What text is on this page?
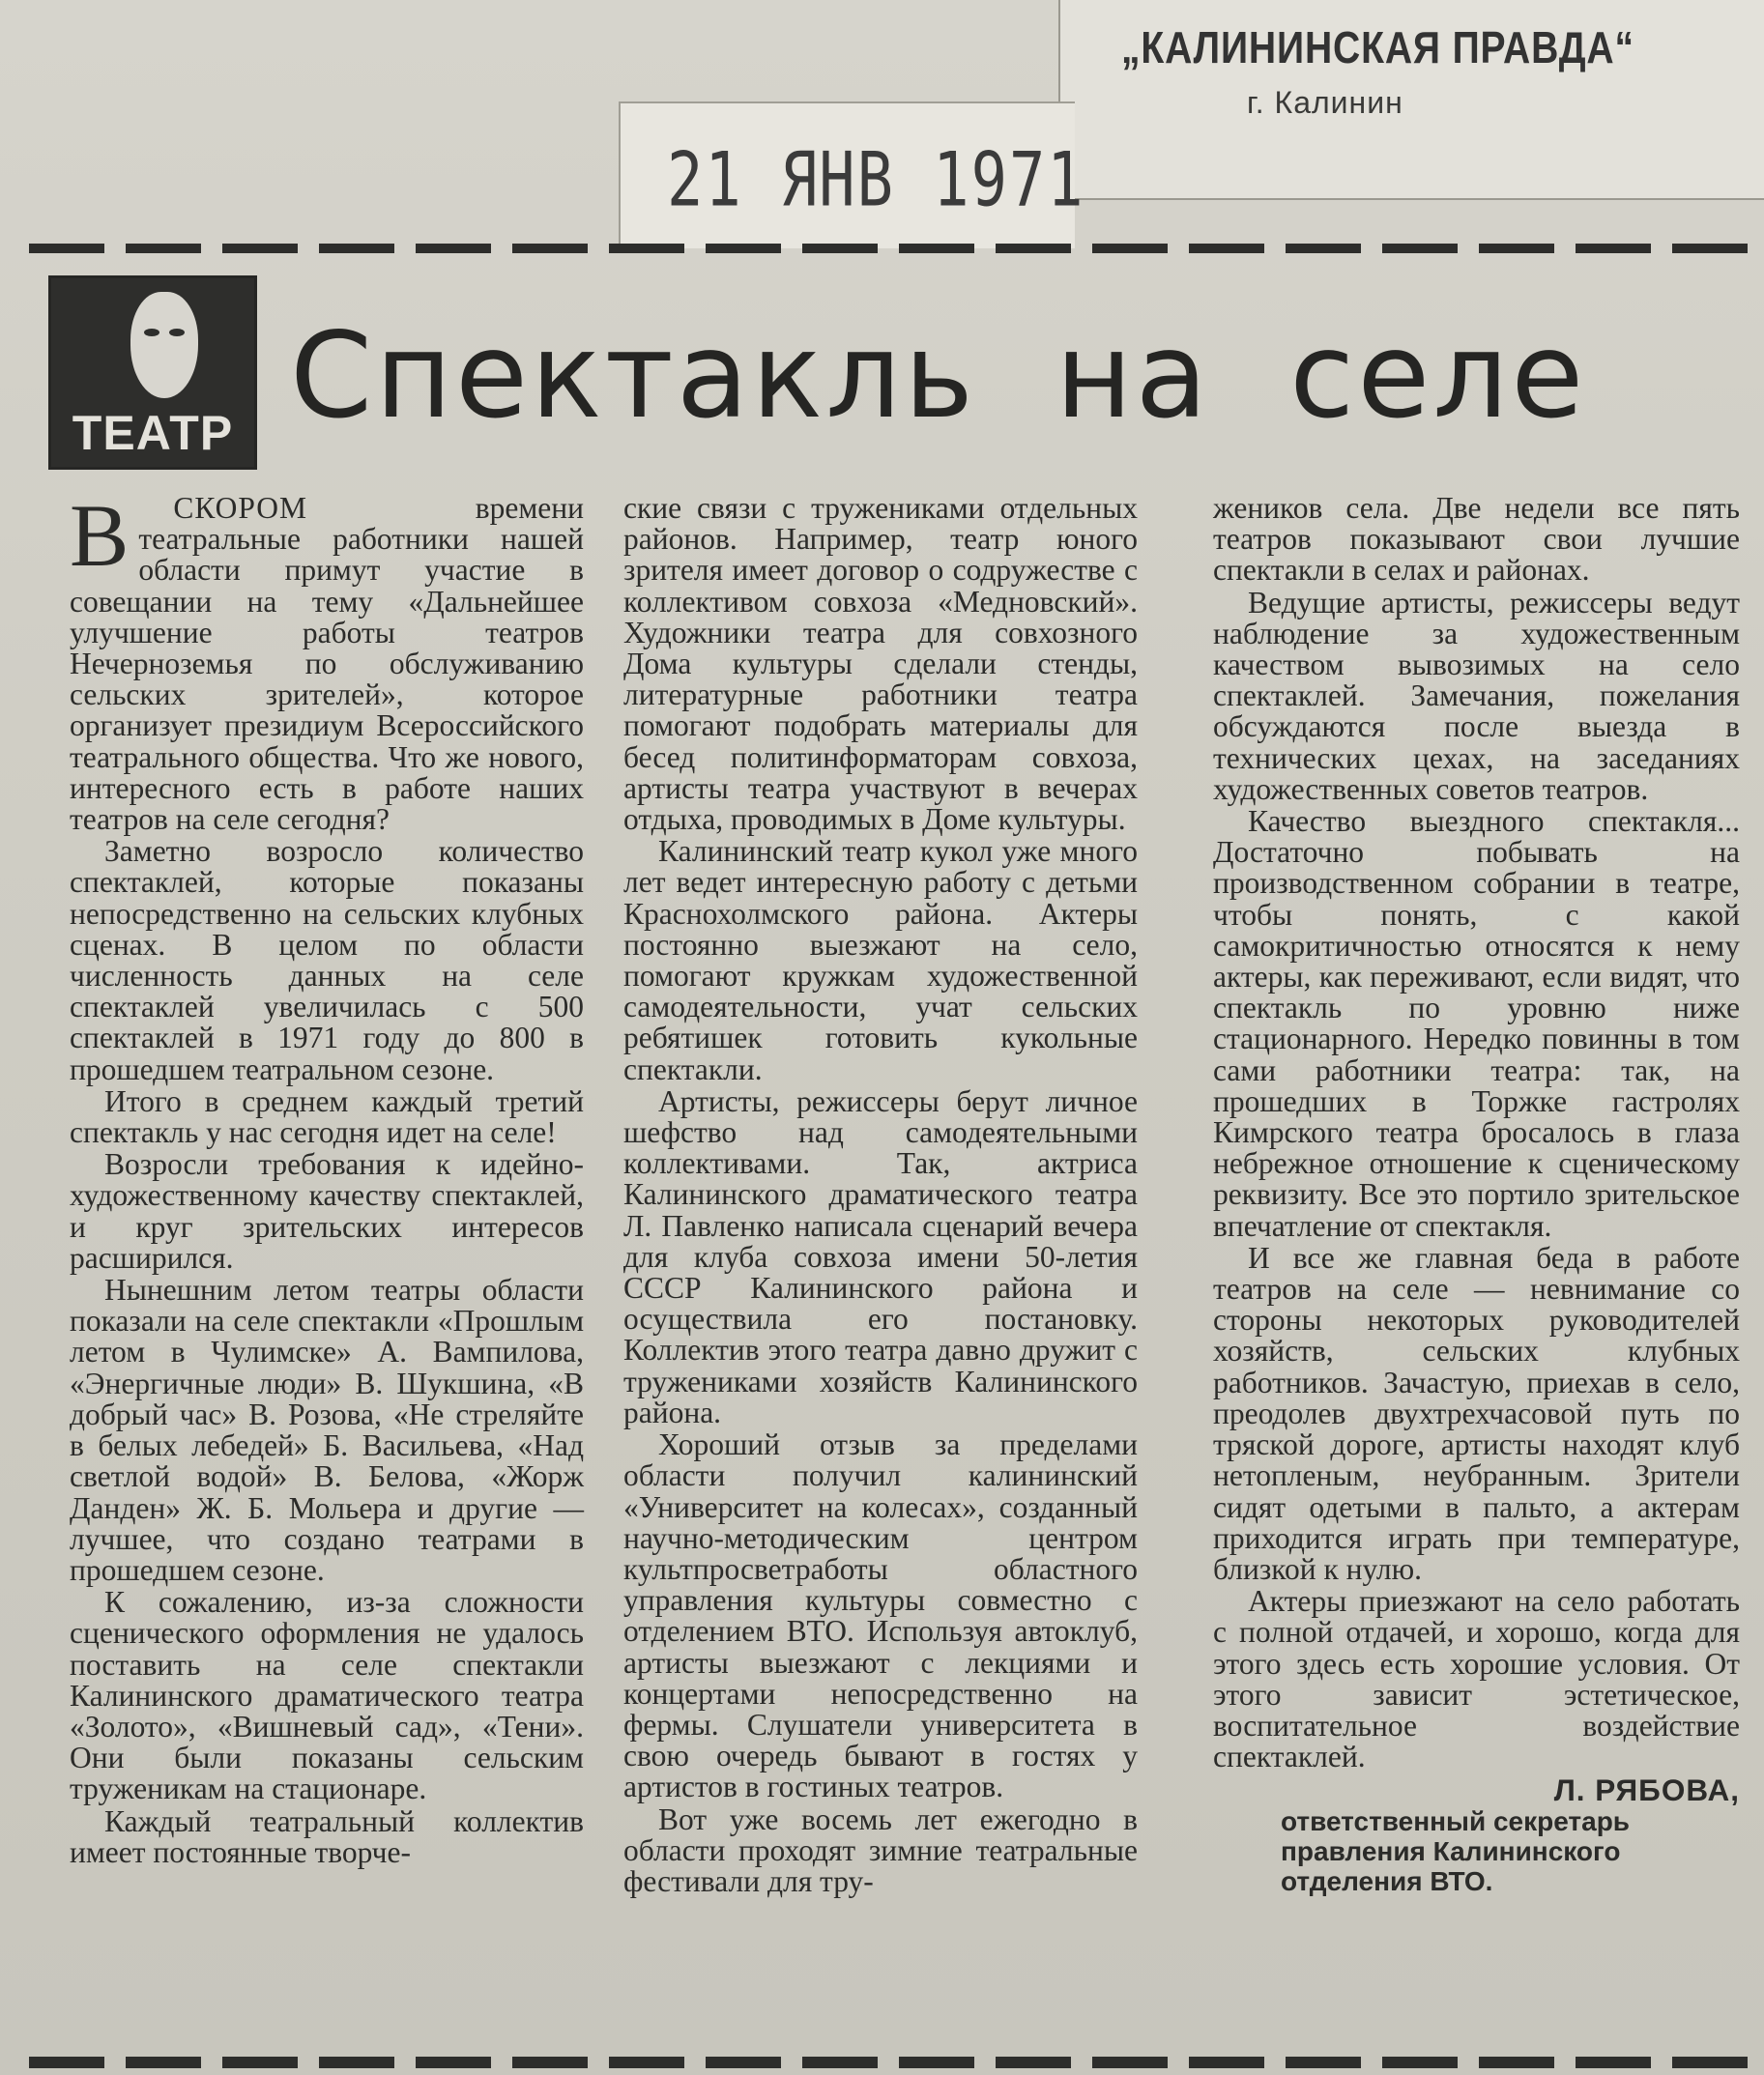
„КАЛИНИНСКАЯ ПРАВДА“
г. Калинин
21 ЯНВ 1971
ТЕАТР Спектакль на селе

В СКОРОМ времени театральные работники нашей области примут участие в совещании на тему «Дальнейшее улучшение работы театров Нечерноземья по обслуживанию сельских зрителей», которое организует президиум Всероссийского театрального общества. Что же нового, интересного есть в работе наших театров на селе сегодня?

Заметно возросло количество спектаклей, которые показаны непосредственно на сельских клубных сценах. В целом по области численность данных на селе спектаклей увеличилась с 500 спектаклей в 1971 году до 800 в прошедшем театральном сезоне.

Итого в среднем каждый третий спектакль у нас сегодня идет на селе!

Возросли требования к идейно-художественному качеству спектаклей, и круг зрительских интересов расширился.

Нынешним летом театры области показали на селе спектакли «Прошлым летом в Чулимске» А. Вампилова, «Энергичные люди» В. Шукшина, «В добрый час» В. Розова, «Не стреляйте в белых лебедей» Б. Васильева, «Над светлой водой» В. Белова, «Жорж Данден» Ж. Б. Мольера и другие — лучшее, что создано театрами в прошедшем сезоне.

К сожалению, из-за сложности сценического оформления не удалось поставить на селе спектакли Калининского драматического театра «Золото», «Вишневый сад», «Тени». Они были показаны сельским труженикам на стационаре.

Каждый театральный коллектив имеет постоянные творче-

ские связи с тружениками отдельных районов. Например, театр юного зрителя имеет договор о содружестве с коллективом совхоза «Медновский». Художники театра для совхозного Дома культуры сделали стенды, литературные работники театра помогают подобрать материалы для бесед политинформаторам совхоза, артисты театра участвуют в вечерах отдыха, проводимых в Доме культуры.

Калининский театр кукол уже много лет ведет интересную работу с детьми Краснохолмского района. Актеры постоянно выезжают на село, помогают кружкам художественной самодеятельности, учат сельских ребятишек готовить кукольные спектакли.

Артисты, режиссеры берут личное шефство над самодеятельными коллективами. Так, актриса Калининского драматического театра Л. Павленко написала сценарий вечера для клуба совхоза имени 50-летия СССР Калининского района и осуществила его постановку. Коллектив этого театра давно дружит с тружениками хозяйств Калининского района.

Хороший отзыв за пределами области получил калининский «Университет на колесах», созданный научно-методическим центром культпросветработы областного управления культуры совместно с отделением ВТО. Используя автоклуб, артисты выезжают с лекциями и концертами непосредственно на фермы. Слушатели университета в свою очередь бывают в гостях у артистов в гостиных театров.

Вот уже восемь лет ежегодно в области проходят зимние театральные фестивали для тру-

жеников села. Две недели все пять театров показывают свои лучшие спектакли в селах и районах.

Ведущие артисты, режиссеры ведут наблюдение за художественным качеством вывозимых на село спектаклей. Замечания, пожелания обсуждаются после выезда в технических цехах, на заседаниях художественных советов театров.

Качество выездного спектакля... Достаточно побывать на производственном собрании в театре, чтобы понять, с какой самокритичностью относятся к нему актеры, как переживают, если видят, что спектакль по уровню ниже стационарного. Нередко повинны в том сами работники театра: так, на прошедших в Торжке гастролях Кимрского театра бросалось в глаза небрежное отношение к сценическому реквизиту. Все это портило зрительское впечатление от спектакля.

И все же главная беда в работе театров на селе — невнимание со стороны некоторых руководителей хозяйств, сельских клубных работников. Зачастую, приехав в село, преодолев двухтрехчасовой путь по тряской дороге, артисты находят клуб нетопленым, неубранным. Зрители сидят одетыми в пальто, а актерам приходится играть при температуре, близкой к нулю.

Актеры приезжают на село работать с полной отдачей, и хорошо, когда для этого здесь есть хорошие условия. От этого зависит эстетическое, воспитательное воздействие спектаклей.

Л. РЯБОВА,
ответственный секретарь правления Калининского отделения ВТО.
